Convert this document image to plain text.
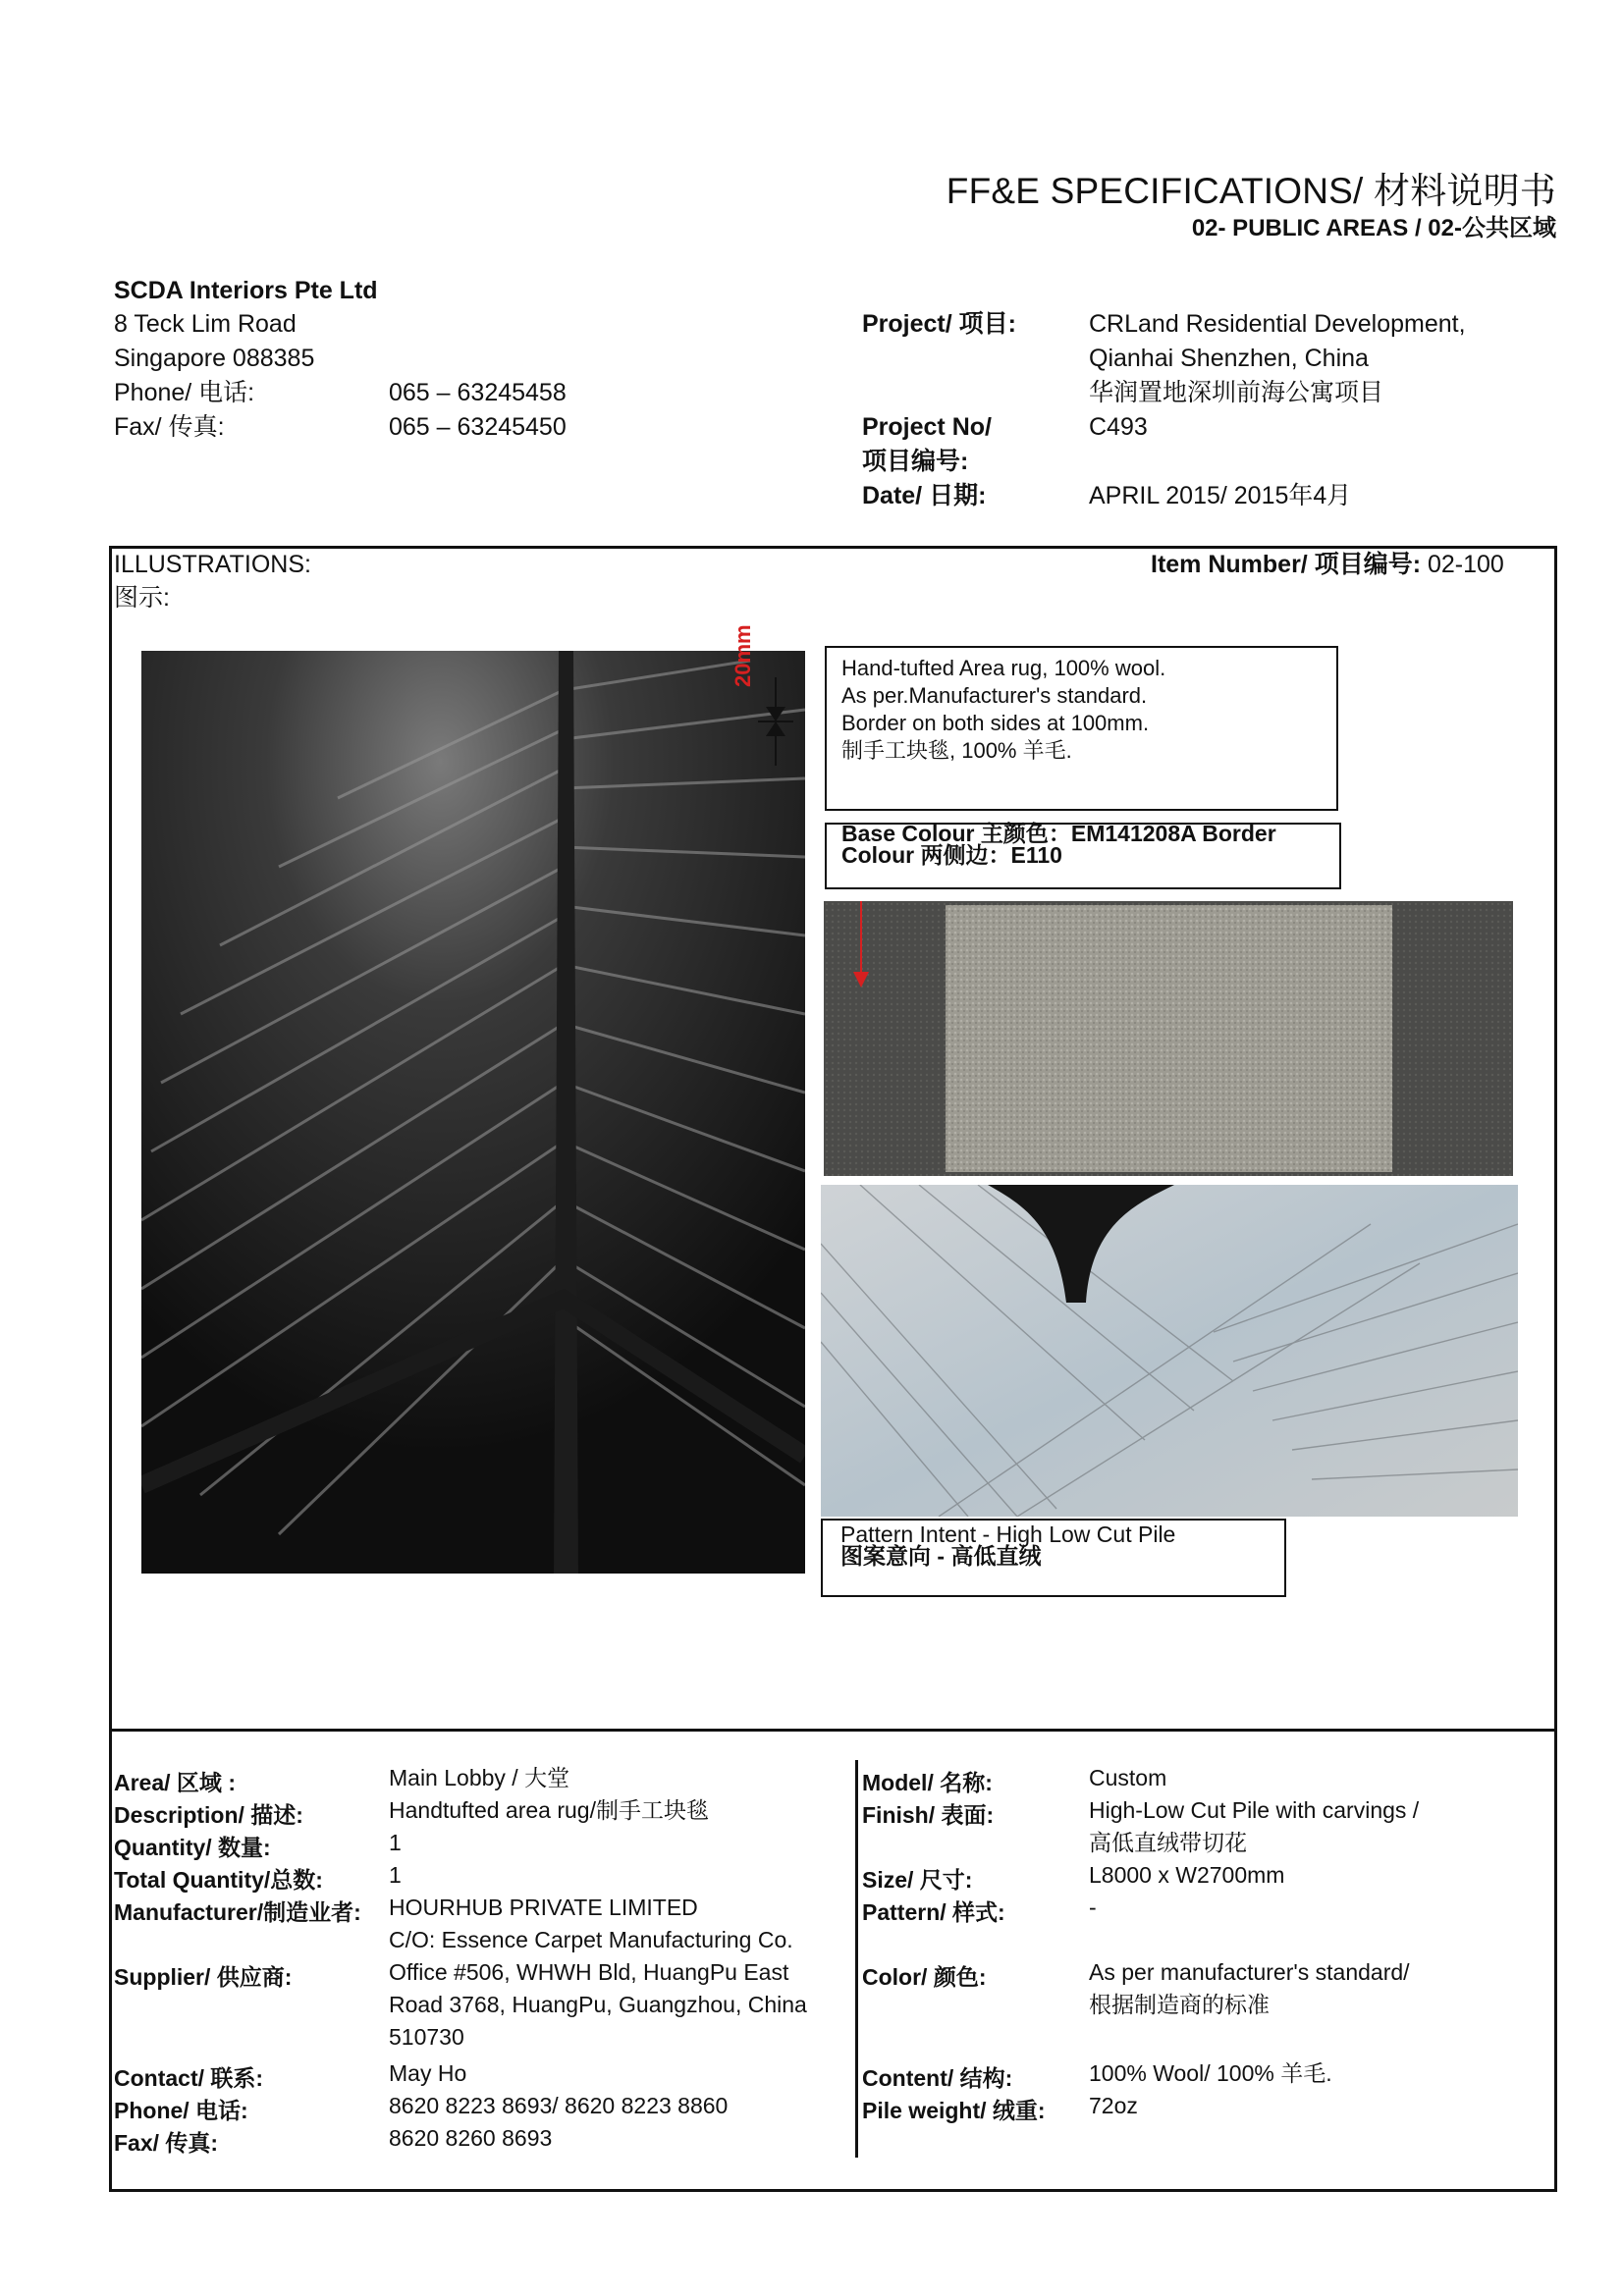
FF&E SPECIFICATIONS/ 材料说明书
02- PUBLIC AREAS / 02-公共区域
SCDA Interiors Pte Ltd
8 Teck Lim Road
Singapore 088385
Phone/ 电话:	065 – 63245458
Fax/ 传真:	065 – 63245450
Project/ 项目:	CRLand Residential Development,
Qianhai Shenzhen, China
华润置地深圳前海公寓项目
Project No/	C493
项目编号:
Date/ 日期:	APRIL 2015/ 2015年4月
ILLUSTRATIONS:
图示:
Item Number/ 项目编号: 02-100
20mm	Hand-tufted Area rug, 100% wool.
As per.Manufacturer's standard.
Border on both sides at 100mm.
制手工块毯, 100% 羊毛.
Base Colour 主颜色：EM141208A Border
Colour 两侧边：E110
Pattern Intent - High Low Cut Pile
图案意向 - 高低直绒
Area/ 区域 :	Main Lobby / 大堂
Description/ 描述:	Handtufted area rug/制手工块毯
Quantity/ 数量:	1
Total Quantity/总数:	1
Manufacturer/制造业者: HOURHUB PRIVATE LIMITED
C/O: Essence Carpet Manufacturing Co.
Supplier/ 供应商:	Office #506, WHWH Bld, HuangPu East
Road 3768, HuangPu, Guangzhou, China
510730
Contact/ 联系:	May Ho
Phone/ 电话:	8620 8223 8693/ 8620 8223 8860
Fax/ 传真:	8620 8260 8693
Model/ 名称:	Custom
Finish/ 表面:	High-Low Cut Pile with carvings /
高低直绒带切花
Size/ 尺寸:	L8000 x W2700mm
Pattern/ 样式:	-
Color/ 颜色:	As per manufacturer's standard/
根据制造商的标准
Content/ 结构:	100% Wool/ 100% 羊毛.
Pile weight/ 绒重: 72oz
